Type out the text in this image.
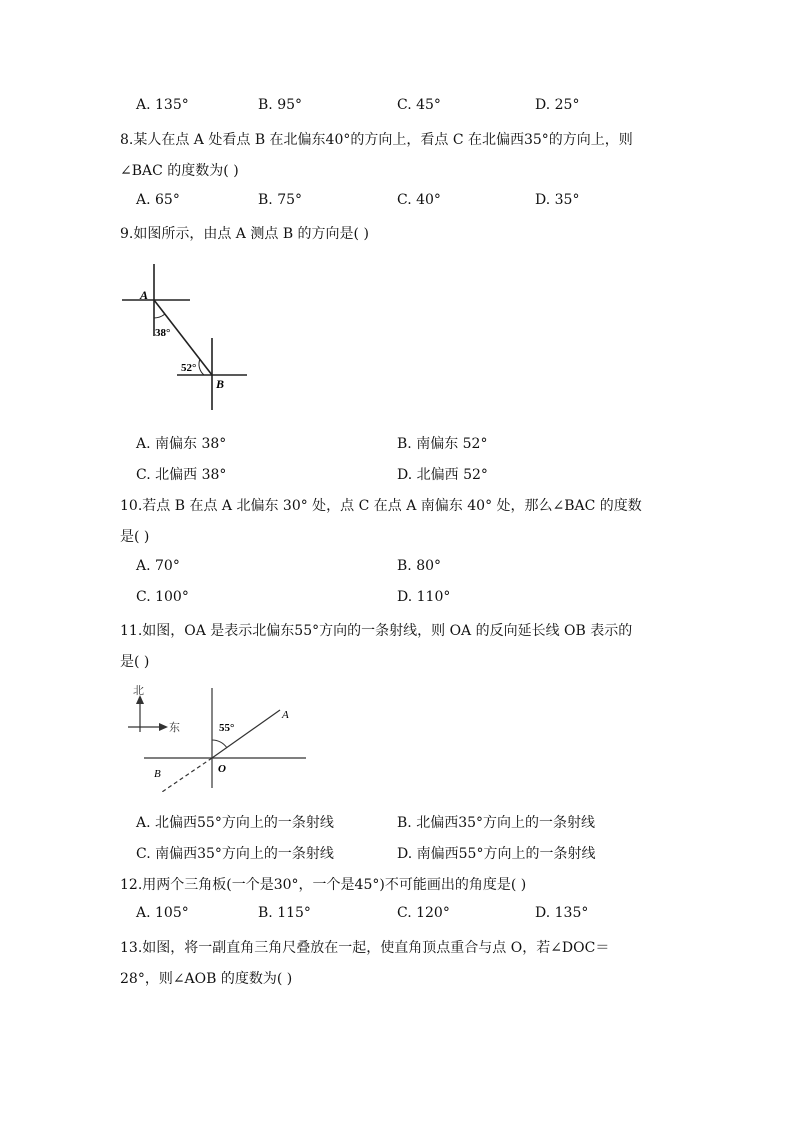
A. 135°	B. 95°	C. 45°	D. 25°
8.某人在点 A 处看点 B 在北偏东40°的方向上，看点 C 在北偏西35°的方向上，则
∠BAC 的度数为( )
A. 65°	B. 75°	C. 40°	D. 35°
9.如图所示，由点 A 测点 B 的方向是( )
A
38°
52°
B
A. 南偏东 38°	B. 南偏东 52°
C. 北偏西 38°	D. 北偏西 52°
10.若点 B 在点 A 北偏东 30° 处，点 C 在点 A 南偏东 40° 处，那么∠BAC 的度数
是( )
A. 70°	B. 80°
C. 100°	D. 110°
11.如图，OA 是表示北偏东55°方向的一条射线，则 OA 的反向延长线 OB 表示的
是( )
北
东	55°
A
O
B
A. 北偏西55°方向上的一条射线	B. 北偏西35°方向上的一条射线
C. 南偏西35°方向上的一条射线	D. 南偏西55°方向上的一条射线
12.用两个三角板(一个是30°，一个是45°)不可能画出的角度是( )
A. 105°	B. 115°	C. 120°	D. 135°
13.如图，将一副直角三角尺叠放在一起，使直角顶点重合与点 O，若∠DOC＝
28°，则∠AOB 的度数为( )
